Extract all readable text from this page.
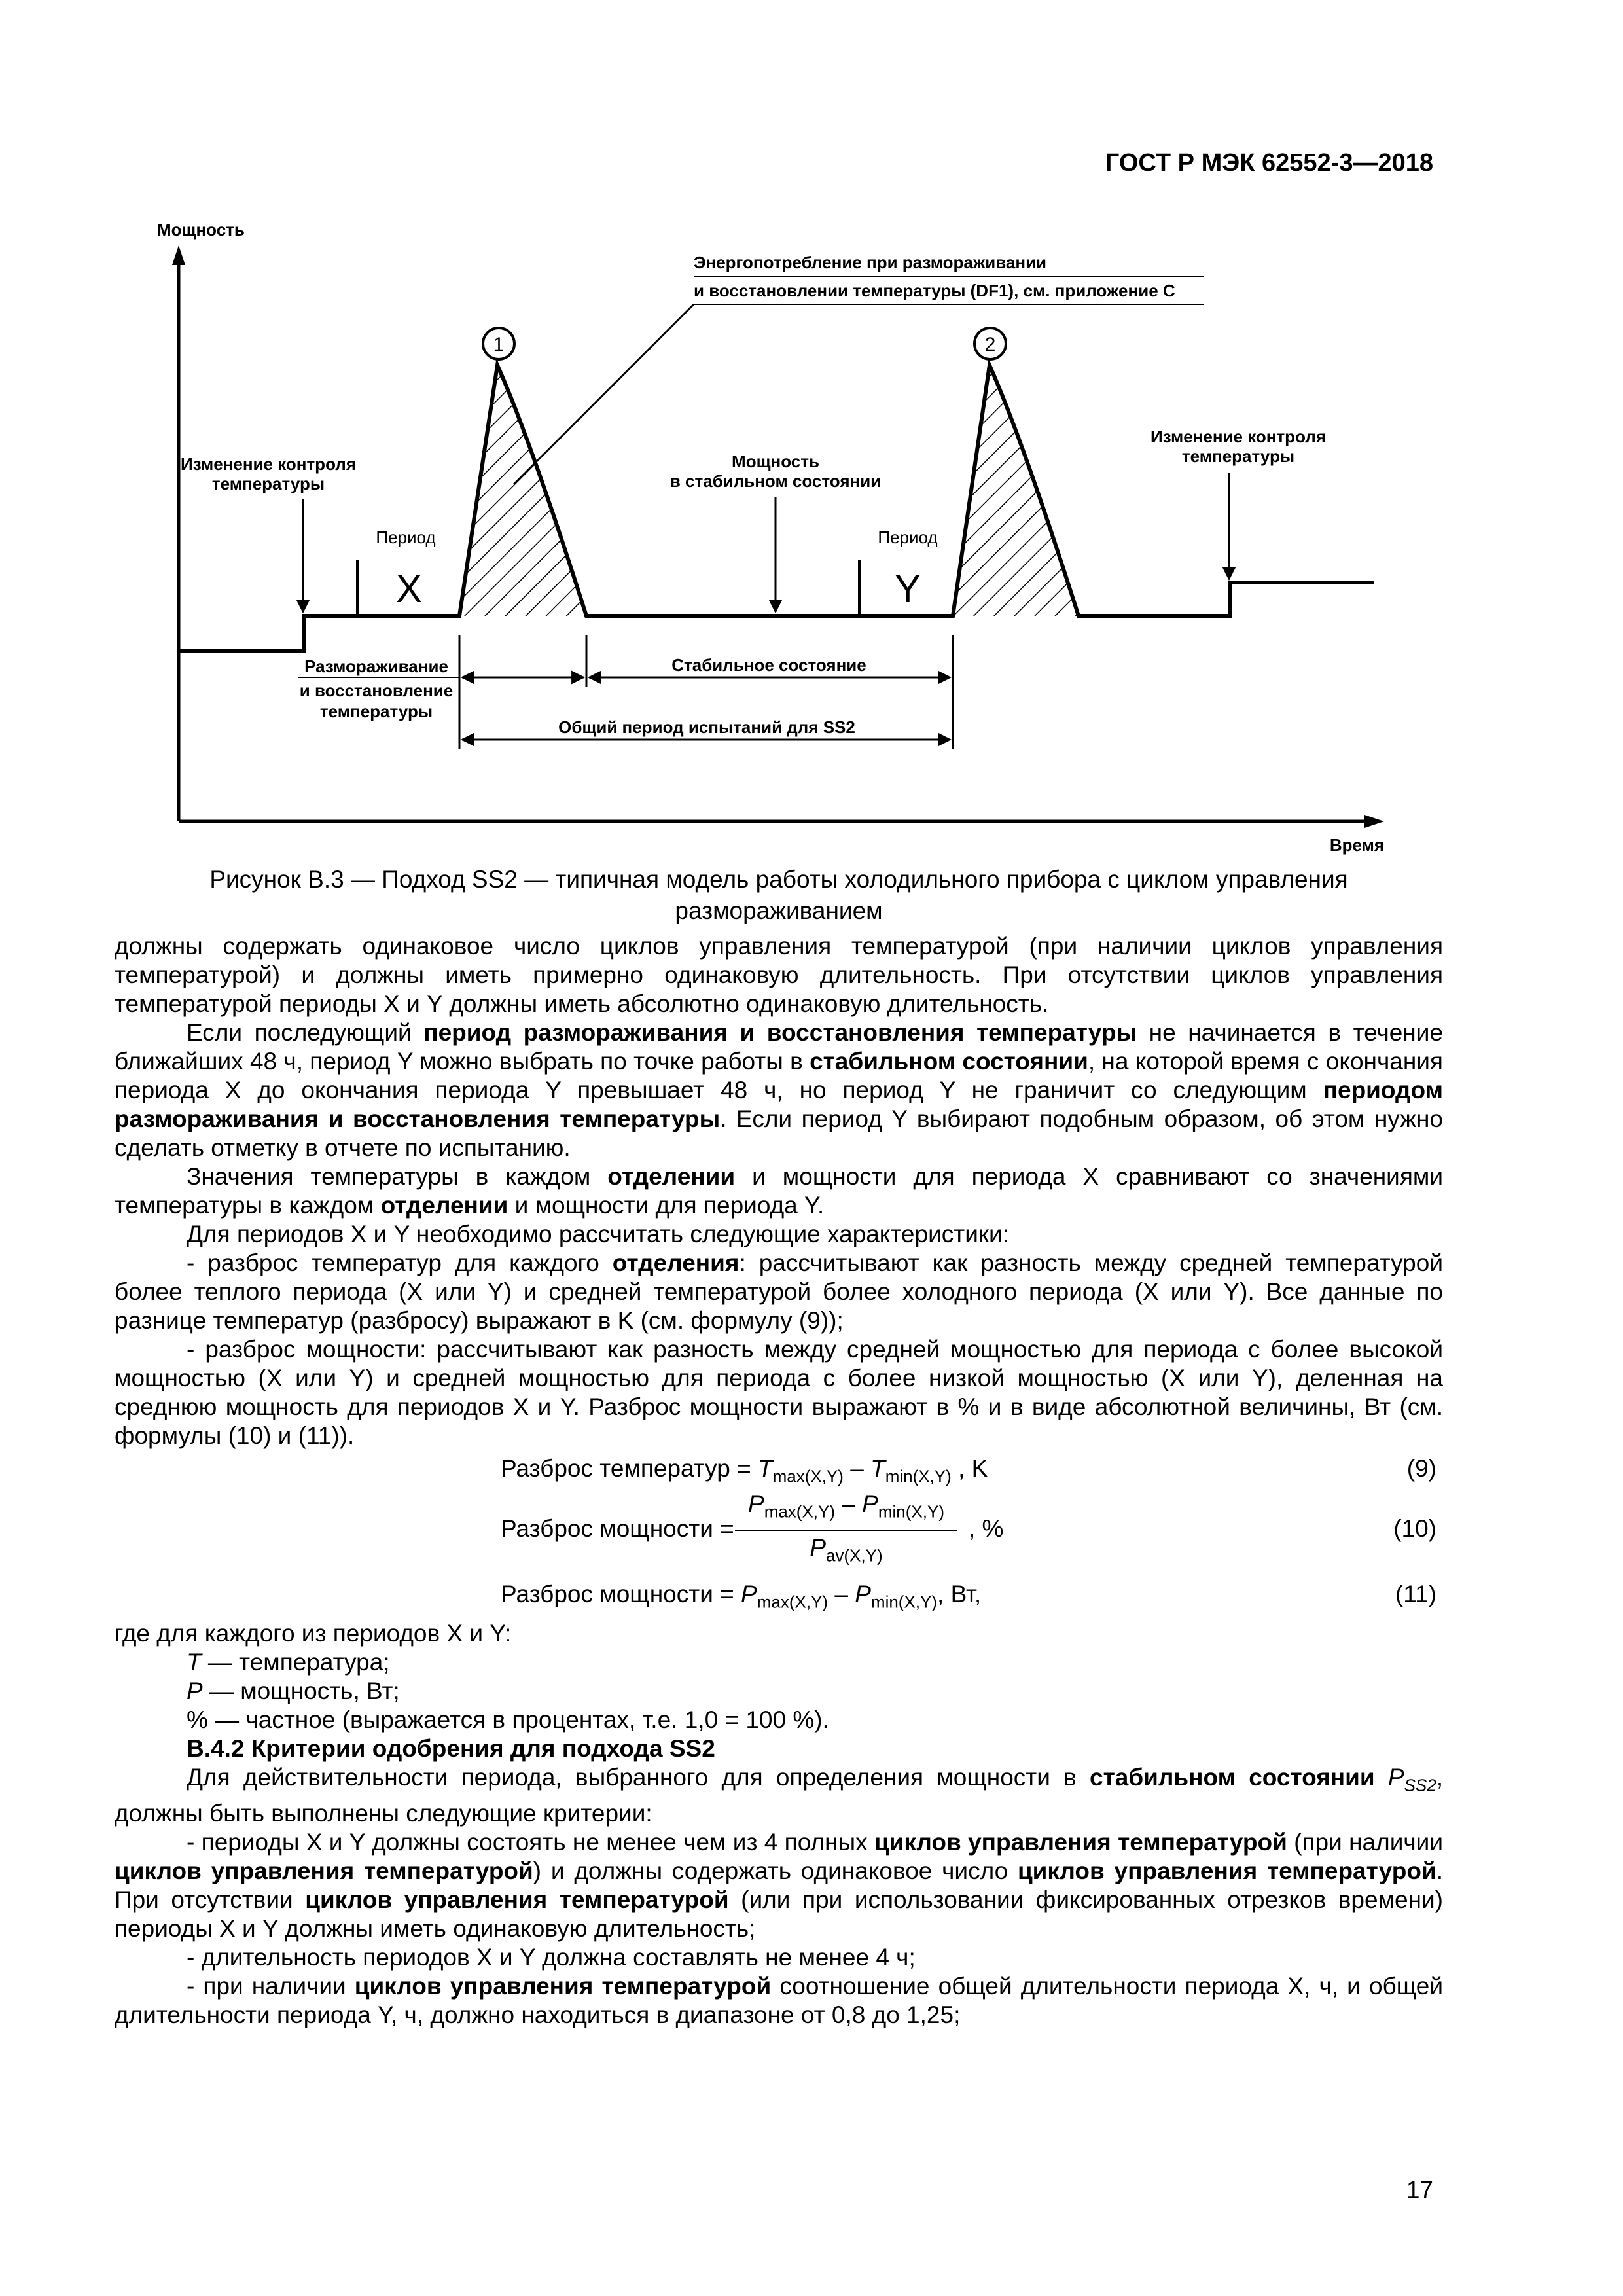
ГОСТ Р МЭК 62552-3—2018
Мощность
Время
Период
X
Период
Y
1	2
Энергопотребление при размораживании
и восстановлении температуры (DF1), см. приложение С
Изменение контроля
температуры
Мощность
в стабильном состоянии
Изменение контроля
температуры
Размораживание
и восстановление
температуры
Стабильное состояние
Общий период испытаний для SS2
Рисунок B.3 — Подход SS2 — типичная модель работы холодильного прибора с циклом управления
размораживанием

должны содержать одинаковое число циклов управления температурой (при наличии циклов управления температурой) и должны иметь примерно одинаковую длительность. При отсутствии циклов управления температурой периоды X и Y должны иметь абсолютно одинаковую длительность.

Если последующий период размораживания и восстановления температуры не начинается в течение ближайших 48 ч, период Y можно выбрать по точке работы в стабильном состоянии, на которой время с окончания периода X до окончания периода Y превышает 48 ч, но период Y не граничит со следующим периодом размораживания и восстановления температуры. Если период Y выбирают подобным образом, об этом нужно сделать отметку в отчете по испытанию.

Значения температуры в каждом отделении и мощности для периода X сравнивают со значениями температуры в каждом отделении и мощности для периода Y.

Для периодов X и Y необходимо рассчитать следующие характеристики:

- разброс температур для каждого отделения: рассчитывают как разность между средней температурой более теплого периода (X или Y) и средней температурой более холодного периода (X или Y). Все данные по разнице температур (разбросу) выражают в K (см. формулу (9));

- разброс мощности: рассчитывают как разность между средней мощностью для периода с более высокой мощностью (X или Y) и средней мощностью для периода с более низкой мощностью (X или Y), деленная на среднюю мощность для периодов X и Y. Разброс мощности выражают в % и в виде абсолютной величины, Вт (см. формулы (10) и (11)).

Разброс температур = $T_{max(X,Y)} - T_{min(X,Y)}$ , K	(9)
Разброс мощности =
$P_{max(X,Y)} - P_{min(X,Y)}$
$P_{av(X,Y)}$
, %	(10)
Разброс мощности = $P_{max(X,Y)} - P_{min(X,Y)}$, Вт,	(11)

где для каждого из периодов X и Y:

T — температура;

P — мощность, Вт;

% — частное (выражается в процентах, т.е. 1,0 = 100 %).

B.4.2 Критерии одобрения для подхода SS2

Для действительности периода, выбранного для определения мощности в стабильном состоянии $P_{SS2}$, должны быть выполнены следующие критерии:

- периоды X и Y должны состоять не менее чем из 4 полных циклов управления температурой (при наличии циклов управления температурой) и должны содержать одинаковое число циклов управления температурой. При отсутствии циклов управления температурой (или при использовании фиксированных отрезков времени) периоды X и Y должны иметь одинаковую длительность;

- длительность периодов X и Y должна составлять не менее 4 ч;

- при наличии циклов управления температурой соотношение общей длительности периода X, ч, и общей длительности периода Y, ч, должно находиться в диапазоне от 0,8 до 1,25;

17
